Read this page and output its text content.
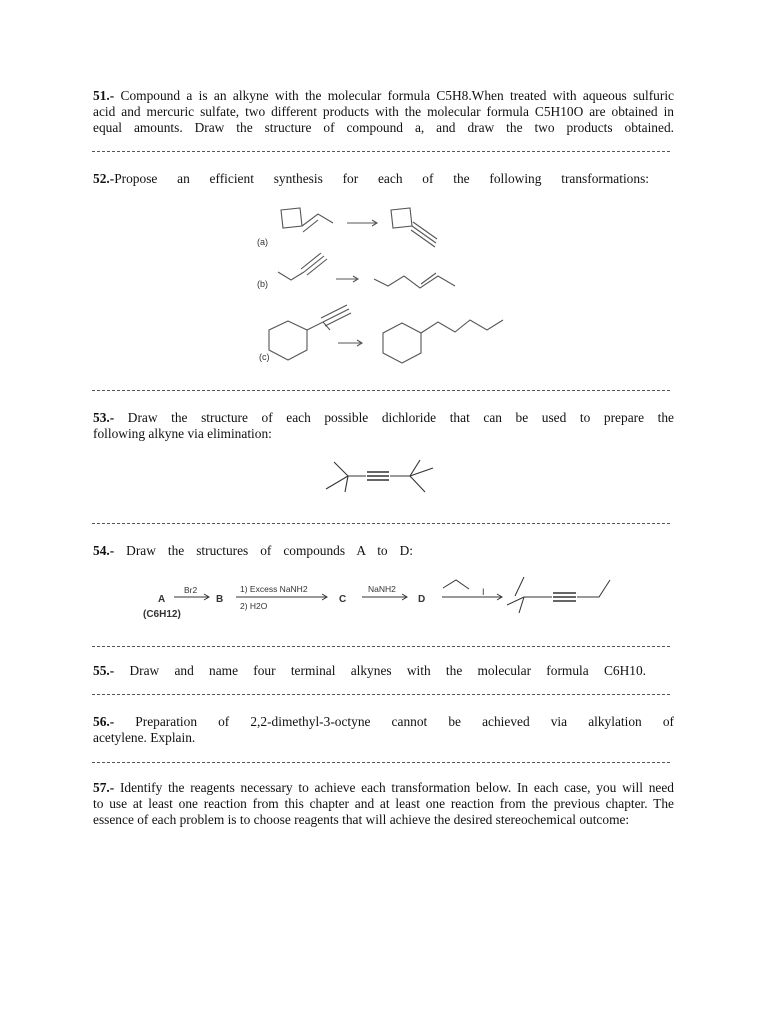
51.- Compound a is an alkyne with the molecular formula C5H8.When treated with aqueous sulfuric
acid and mercuric sulfate, two different products with the molecular formula C5H10O are obtained in
equal amounts. Draw the structure of compound a, and draw the two products obtained.
52.-Propose an efficient synthesis for each of the following transformations:
(a)
(b)
(c)
53.- Draw the structure of each possible dichloride that can be used to prepare the
following alkyne via elimination:
54.- Draw the structures of compounds A to D:
A
(C6H12)
Br2
B
1) Excess NaNH2
2) H2O
C
NaNH2
D
I
55.- Draw and name four terminal alkynes with the molecular formula C6H10.
56.- Preparation of 2,2-dimethyl-3-octyne cannot be achieved via alkylation of
acetylene. Explain.
57.- Identify the reagents necessary to achieve each transformation below. In each case, you will need
to use at least one reaction from this chapter and at least one reaction from the previous chapter. The
essence of each problem is to choose reagents that will achieve the desired stereochemical outcome:
